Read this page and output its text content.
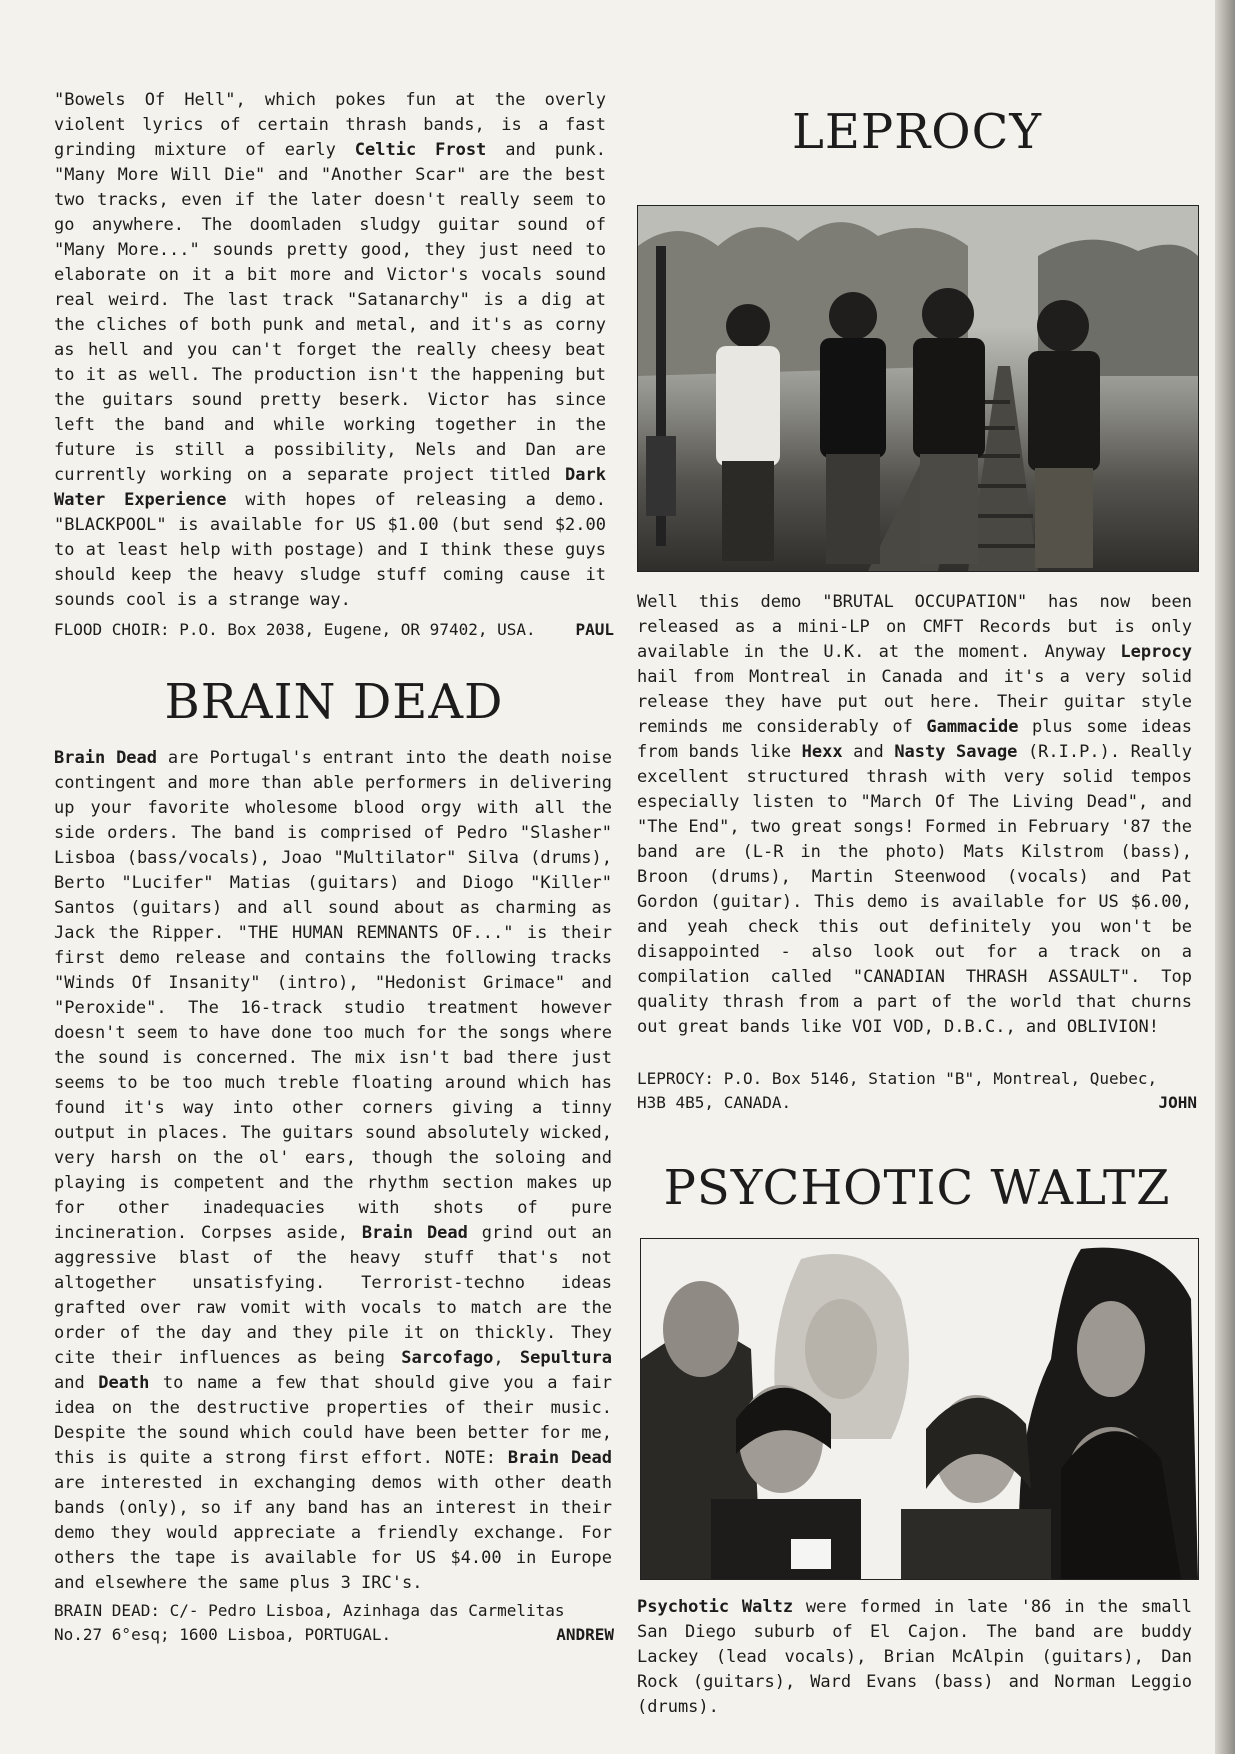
"Bowels Of Hell", which pokes fun at the overly violent lyrics of certain thrash bands, is a fast grinding mixture of early Celtic Frost and punk. "Many More Will Die" and "Another Scar" are the best two tracks, even if the later doesn't really seem to go anywhere. The doomladen sludgy guitar sound of "Many More..." sounds pretty good, they just need to elaborate on it a bit more and Victor's vocals sound real weird. The last track "Satanarchy" is a dig at the cliches of both punk and metal, and it's as corny as hell and you can't forget the really cheesy beat to it as well. The production isn't the happening but the guitars sound pretty beserk. Victor has since left the band and while working together in the future is still a possibility, Nels and Dan are currently working on a separate project titled Dark Water Experience with hopes of releasing a demo. "BLACKPOOL" is available for US $1.00 (but send $2.00 to at least help with postage) and I think these guys should keep the heavy sludge stuff coming cause it sounds cool is a strange way.

FLOOD CHOIR: P.O. Box 2038, Eugene, OR 97402, USA. PAUL
BRAIN DEAD

Brain Dead are Portugal's entrant into the death noise contingent and more than able performers in delivering up your favorite wholesome blood orgy with all the side orders. The band is comprised of Pedro "Slasher" Lisboa (bass/vocals), Joao "Multilator" Silva (drums), Berto "Lucifer" Matias (guitars) and Diogo "Killer" Santos (guitars) and all sound about as charming as Jack the Ripper. "THE HUMAN REMNANTS OF..." is their first demo release and contains the following tracks "Winds Of Insanity" (intro), "Hedonist Grimace" and "Peroxide". The 16-track studio treatment however doesn't seem to have done too much for the songs where the sound is concerned. The mix isn't bad there just seems to be too much treble floating around which has found it's way into other corners giving a tinny output in places. The guitars sound absolutely wicked, very harsh on the ol' ears, though the soloing and playing is competent and the rhythm section makes up for other inadequacies with shots of pure incineration. Corpses aside, Brain Dead grind out an aggressive blast of the heavy stuff that's not altogether unsatisfying. Terrorist-techno ideas grafted over raw vomit with vocals to match are the order of the day and they pile it on thickly. They cite their influences as being Sarcofago, Sepultura and Death to name a few that should give you a fair idea on the destructive properties of their music. Despite the sound which could have been better for me, this is quite a strong first effort. NOTE: Brain Dead are interested in exchanging demos with other death bands (only), so if any band has an interest in their demo they would appreciate a friendly exchange. For others the tape is available for US $4.00 in Europe and elsewhere the same plus 3 IRC's.

BRAIN DEAD: C/- Pedro Lisboa, Azinhaga das Carmelitas
No.27 6°esq; 1600 Lisboa, PORTUGAL.	ANDREW
LEPROCY

Well this demo "BRUTAL OCCUPATION" has now been released as a mini-LP on CMFT Records but is only available in the U.K. at the moment. Anyway Leprocy hail from Montreal in Canada and it's a very solid release they have put out here. Their guitar style reminds me considerably of Gammacide plus some ideas from bands like Hexx and Nasty Savage (R.I.P.). Really excellent structured thrash with very solid tempos especially listen to "March Of The Living Dead", and "The End", two great songs! Formed in February '87 the band are (L-R in the photo) Mats Kilstrom (bass), Broon (drums), Martin Steenwood (vocals) and Pat Gordon (guitar). This demo is available for US $6.00, and yeah check this out definitely you won't be disappointed - also look out for a track on a compilation called "CANADIAN THRASH ASSAULT". Top quality thrash from a part of the world that churns out great bands like VOI VOD, D.B.C., and OBLIVION!

LEPROCY: P.O. Box 5146, Station "B", Montreal, Quebec,
H3B 4B5, CANADA.	JOHN
PSYCHOTIC WALTZ

Psychotic Waltz were formed in late '86 in the small San Diego suburb of El Cajon. The band are buddy Lackey (lead vocals), Brian McAlpin (guitars), Dan Rock (guitars), Ward Evans (bass) and Norman Leggio (drums).
